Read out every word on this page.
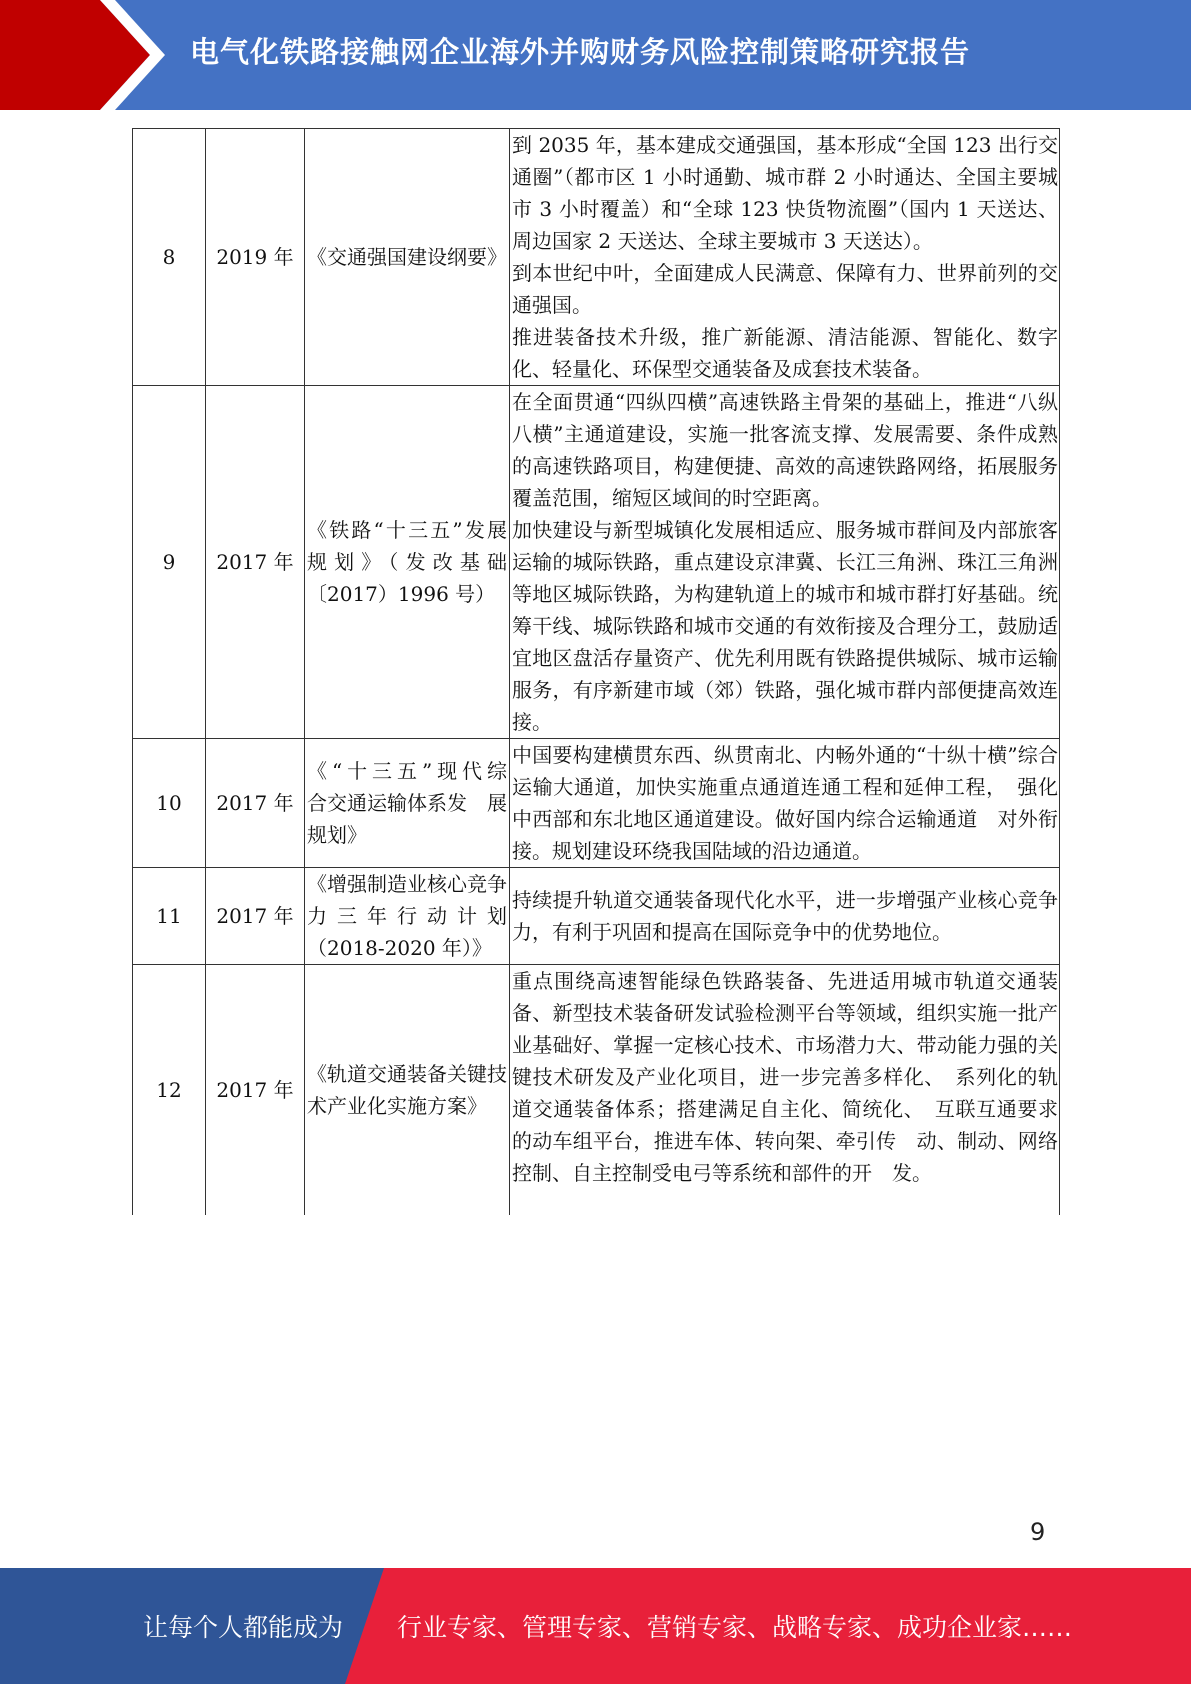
电气化铁路接触网企业海外并购财务风险控制策略研究报告
8	2019 年	《交通强国建设纲要》	到 2035 年，基本建成交通强国，基本形成“全国 123 出行交通圈”（都市区 1 小时通勤、城市群 2 小时通达、全国主要城市 3 小时覆盖）和“全球 123 快货物流圈”（国内 1 天送达、周边国家 2 天送达、全球主要城市 3 天送达）。

到本世纪中叶，全面建成人民满意、保障有力、世界前列的交通强国。

推进装备技术升级，推广新能源、清洁能源、智能化、数字化、轻量化、环保型交通装备及成套技术装备。

9	2017 年	《铁路“十三五”发展规划》（发改基础〔2017）1996 号）	在全面贯通“四纵四横”高速铁路主骨架的基础上，推进“八纵八横”主通道建设，实施一批客流支撑、发展需要、条件成熟的高速铁路项目，构建便捷、高效的高速铁路网络，拓展服务覆盖范围，缩短区域间的时空距离。

加快建设与新型城镇化发展相适应、服务城市群间及内部旅客运输的城际铁路，重点建设京津冀、长江三角洲、珠江三角洲等地区城际铁路，为构建轨道上的城市和城市群打好基础。统筹干线、城际铁路和城市交通的有效衔接及合理分工，鼓励适宜地区盘活存量资产、优先利用既有铁路提供城际、城市运输服务，有序新建市域（郊）铁路，强化城市群内部便捷高效连接。

10	2017 年	《“十三五”现代综　合交通运输体系发　展规划》	中国要构建横贯东西、纵贯南北、内畅外通的“十纵十横”综合运输大通道，加快实施重点通道连通工程和延伸工程，　强化中西部和东北地区通道建设。做好国内综合运输通道　对外衔接。规划建设环绕我国陆域的沿边通道。

11	2017 年	《增强制造业核心竞争力三年行动计划（2018-2020 年）》	持续提升轨道交通装备现代化水平，进一步增强产业核心竞争力，有利于巩固和提高在国际竞争中的优势地位。

12	2017 年	《轨道交通装备关键技术产业化实施方案》	重点围绕高速智能绿色铁路装备、先进适用城市轨道交通装备、新型技术装备研发试验检测平台等领域，组织实施一批产业基础好、掌握一定核心技术、市场潜力大、带动能力强的关键技术研发及产业化项目，进一步完善多样化、　系列化的轨道交通装备体系；搭建满足自主化、简统化、　互联互通要求的动车组平台，推进车体、转向架、牵引传　动、制动、网络控制、自主控制受电弓等系统和部件的开　发。

9
让每个人都能成为 行业专家、管理专家、营销专家、战略专家、成功企业家……
